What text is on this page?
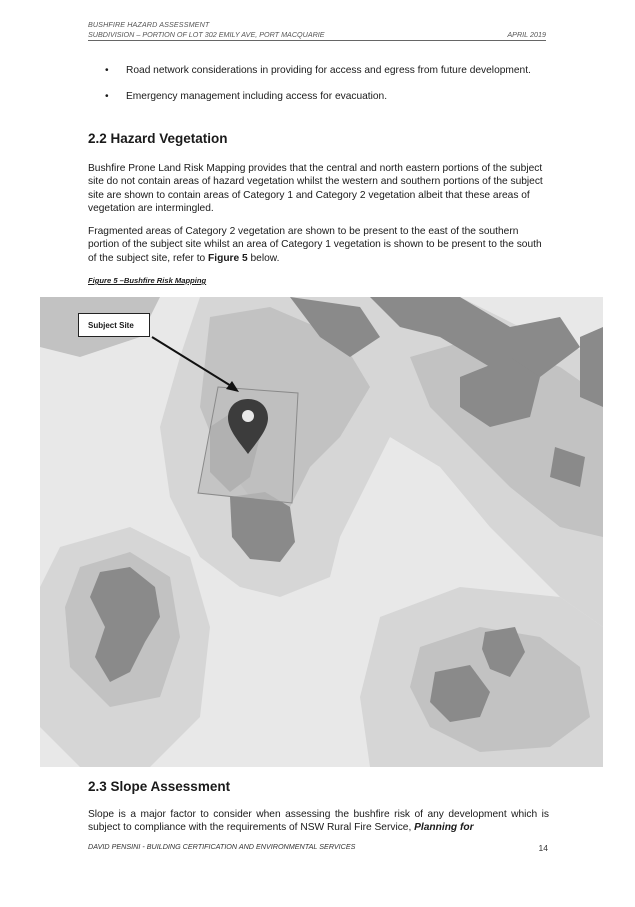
BUSHFIRE HAZARD ASSESSMENT
SUBDIVISION – PORTION OF LOT 302 EMILY AVE, PORT MACQUARIE	APRIL 2019
• Road network considerations in providing for access and egress from future development.
• Emergency management including access for evacuation.
2.2 Hazard Vegetation

Bushfire Prone Land Risk Mapping provides that the central and north eastern portions of the subject site do not contain areas of hazard vegetation whilst the western and southern portions of the subject site are shown to contain areas of Category 1 and Category 2 vegetation albeit that these areas of vegetation are intermingled.

Fragmented areas of Category 2 vegetation are shown to be present to the east of the southern portion of the subject site whilst an area of Category 1 vegetation is shown to be present to the south of the subject site, refer to Figure 5 below.

Figure 5 –Bushfire Risk Mapping

Subject Site
2.3 Slope Assessment

Slope is a major factor to consider when assessing the bushfire risk of any development which is subject to compliance with the requirements of NSW Rural Fire Service, Planning for

DAVID PENSINI - BUILDING CERTIFICATION AND ENVIRONMENTAL SERVICES	14
